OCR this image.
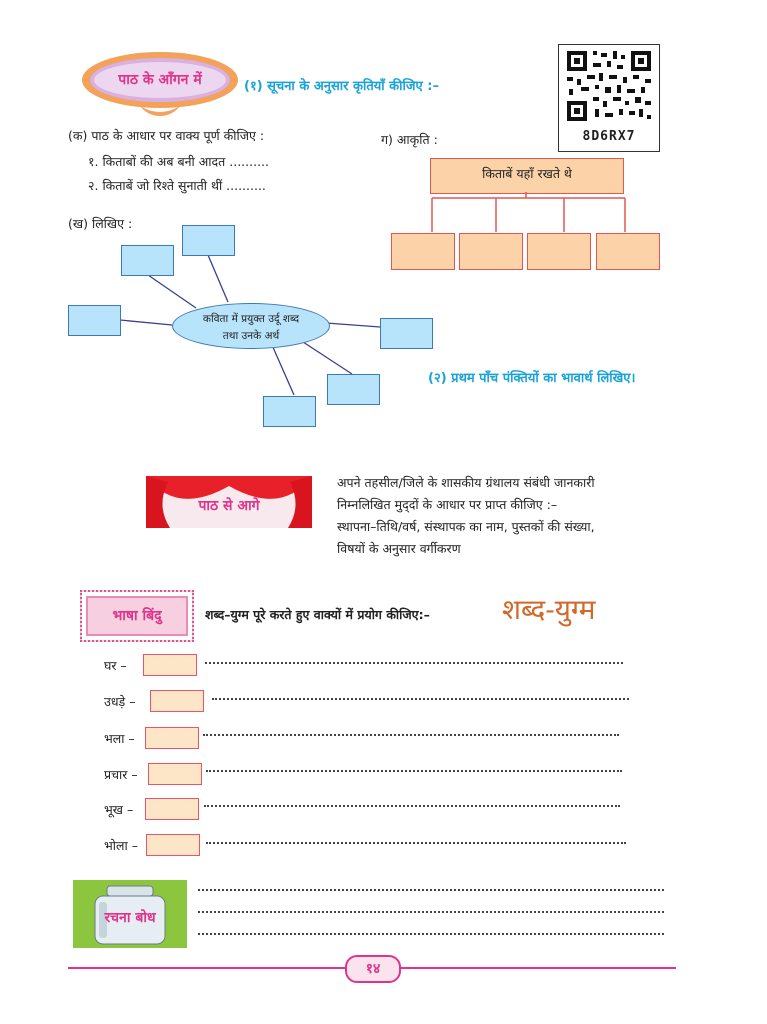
पाठ के आँगन में	(१) सूचना के अनुसार कृतियाँ कीजिए :–
8D6RX7
(क) पाठ के आधार पर वाक्य पूर्ण कीजिए :
१. किताबों की अब बनी आदत ..........
२. किताबें जो रिश्ते सुनाती थीं ..........
ग) आकृति :
किताबें यहाँ रखते थे
(ख) लिखिए :
कविता में प्रयुक्त उर्दू शब्द
तथा उनके अर्थ
(२) प्रथम पाँच पंक्तियों का भावार्थ लिखिए।
पाठ से आगे
अपने तहसील/जिले के शासकीय ग्रंथालय संबंधी जानकारी
निम्नलिखित मुद्‌दों के आधार पर प्राप्त कीजिए :–
स्थापना–तिथि/वर्ष, संस्थापक का नाम, पुस्तकों की संख्या,
विषयों के अनुसार वर्गीकरण
भाषा बिंदु	शब्द–युग्म पूरे करते हुए वाक्यों में प्रयोग कीजिए:–	शब्द-युग्म
घर –
उधड़े –
भला –
प्रचार –
भूख –
भोला –
रचना बोध
१४
